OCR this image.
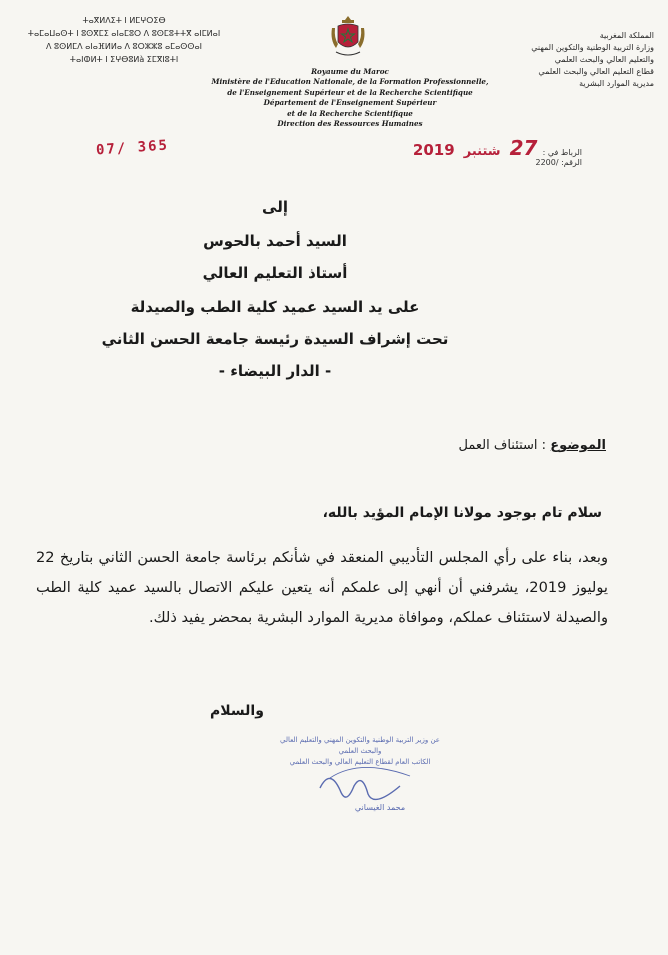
ⵜⴰⴳⵍⴷⵉⵜ ⵏ ⵍⵎⵖⵔⵉⴱ
ⵜⴰⵎⴰⵡⴰⵙⵜ ⵏ ⵓⵙⴳⵎⵉ ⴰⵏⴰⵎⵓⵔ ⴷ ⵓⵙⵎⵓⵜⵜⴳ ⴰⵏⵎⵍⴰⵏ
ⴷ ⵓⵙⵍⵎⴷ ⴰⵏⴰⴼⵍⵍⴰ ⴷ ⵓⵔⵣⵣⵓ ⴰⵎⴰⵙⵙⴰⵏ
ⵜⴰⵏⵀⵍⵜ ⵏ ⵉⵖⴱⵓⵍà ⵉⵎⴳⵏⵓⵜⵏ
Royaume du Maroc
Ministère de l'Education Nationale, de la Formation Professionnelle,
de l'Enseignement Supérieur et de la Recherche Scientifique
Département de l'Enseignement Supérieur
et de la Recherche Scientifique
Direction des Ressources Humaines
المملكة المغربية
وزارة التربية الوطنية والتكوين المهني
والتعليم العالي والبحث العلمي
قطاع التعليم العالي والبحث العلمي
مديرية الموارد البشرية
الرباط في : 27 شتنبر 2019
الرقم: /2200
07/ 365
إلى
السيد أحمد بالحوس
أستاذ التعليم العالي
على يد السيد عميد كلية الطب والصيدلة
تحت إشراف السيدة رئيسة جامعة الحسن الثاني
- الدار البيضاء -
الموضوع : استئناف العمل
سلام تام بوجود مولانا الإمام المؤيد بالله،
وبعد، بناء على رأي المجلس التأديبي المنعقد في شأنكم برئاسة جامعة الحسن الثاني بتاريخ 22 يوليوز 2019، يشرفني أن أنهي إلى علمكم أنه يتعين عليكم الاتصال بالسيد عميد كلية الطب والصيدلة لاستئناف عملكم، وموافاة مديرية الموارد البشرية بمحضر يفيد ذلك.
والسلام
عن وزير التربية الوطنية والتكوين المهني والتعليم العالي
والبحث العلمي
الكاتب العام لقطاع التعليم العالي والبحث العلمي
محمد الغيساني
